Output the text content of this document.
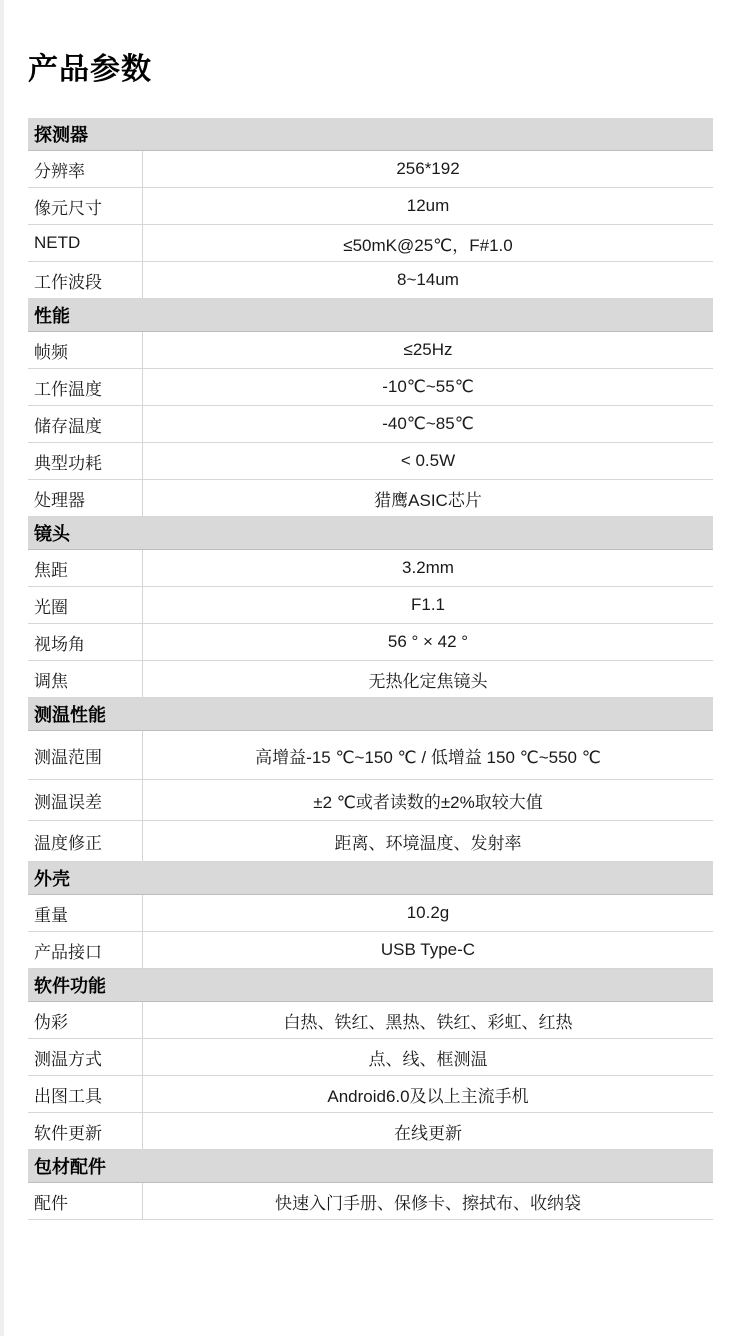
产品参数
探测器
分辨率	256*192
像元尺寸	12um
NETD	≤50mK@25℃，F#1.0
工作波段	8~14um
性能
帧频	≤25Hz
工作温度	-10℃~55℃
储存温度	-40℃~85℃
典型功耗	< 0.5W
处理器	猎鹰ASIC芯片
镜头
焦距	3.2mm
光圈	F1.1
视场角	56 ° × 42 °
调焦	无热化定焦镜头
测温性能
测温范围	高增益-15 ℃~150 ℃ / 低增益 150 ℃~550 ℃
测温误差	±2 ℃或者读数的±2%取较大值
温度修正	距离、环境温度、发射率
外壳
重量	10.2g
产品接口	USB Type-C
软件功能
伪彩	白热、铁红、黑热、铁红、彩虹、红热
测温方式	点、线、框测温
出图工具	Android6.0及以上主流手机
软件更新	在线更新
包材配件
配件	快速入门手册、保修卡、擦拭布、收纳袋
